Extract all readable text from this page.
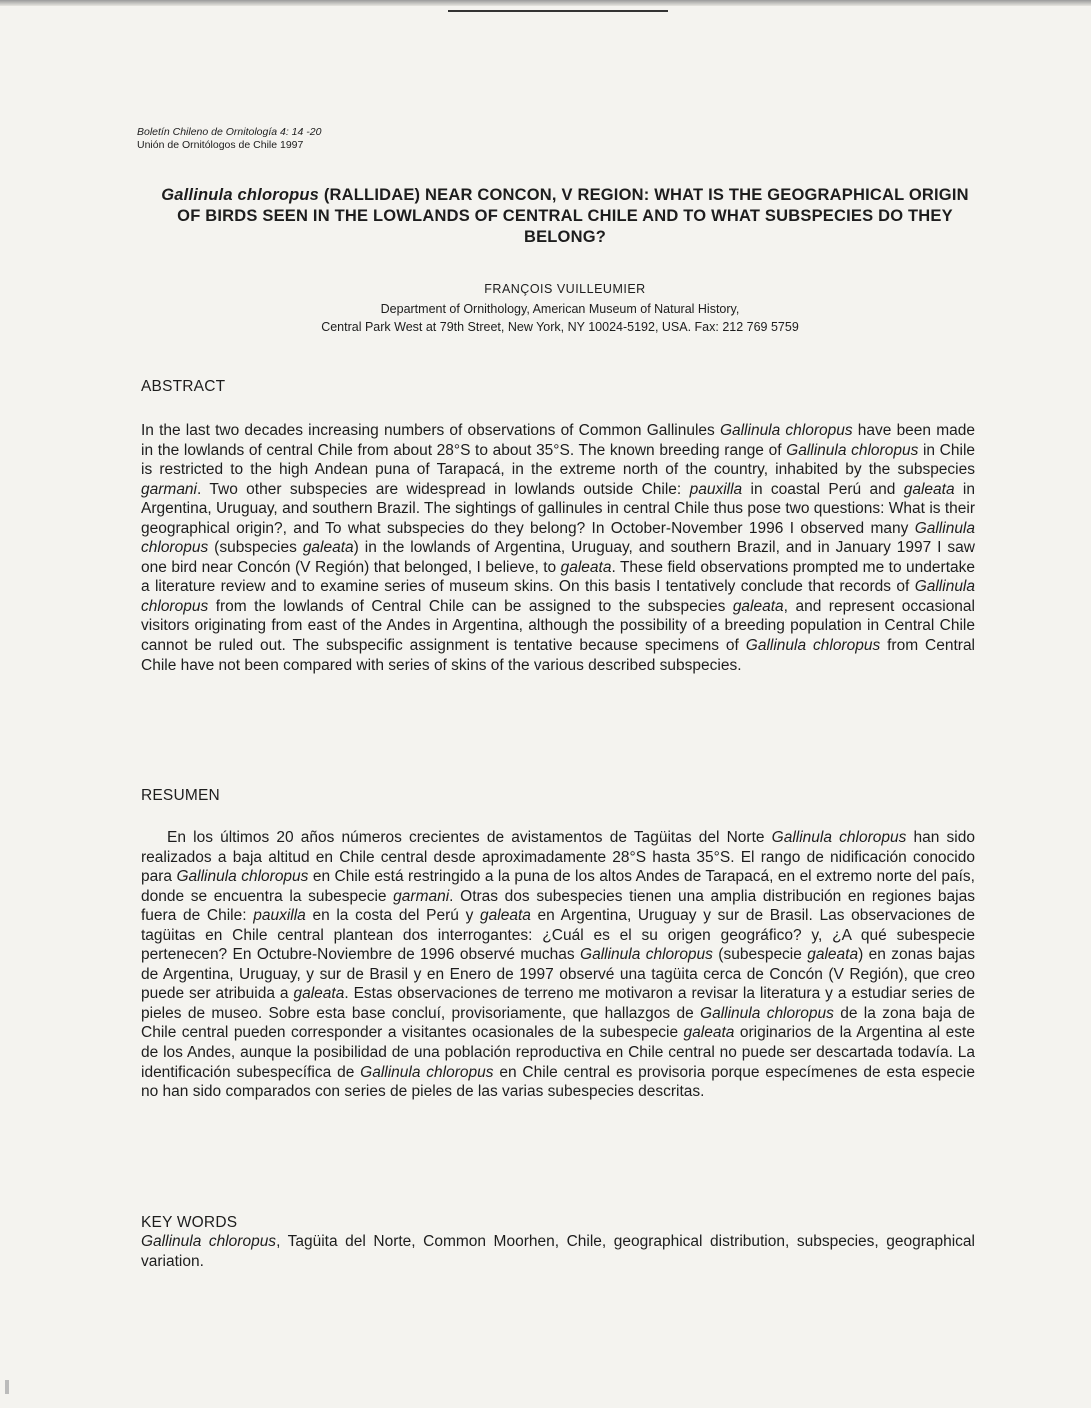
Boletín Chileno de Ornitología 4: 14 -20
Unión de Ornitólogos de Chile 1997
Gallinula chloropus (RALLIDAE) NEAR CONCON, V REGION: WHAT IS THE GEOGRAPHICAL ORIGIN OF BIRDS SEEN IN THE LOWLANDS OF CENTRAL CHILE AND TO WHAT SUBSPECIES DO THEY BELONG?
FRANÇOIS VUILLEUMIER
Department of Ornithology, American Museum of Natural History,
Central Park West at 79th Street, New York, NY 10024-5192, USA. Fax: 212 769 5759
ABSTRACT
In the last two decades increasing numbers of observations of Common Gallinules Gallinula chloropus have been made in the lowlands of central Chile from about 28°S to about 35°S. The known breeding range of Gallinula chloropus in Chile is restricted to the high Andean puna of Tarapacá, in the extreme north of the country, inhabited by the subspecies garmani. Two other subspecies are widespread in lowlands outside Chile: pauxilla in coastal Perú and galeata in Argentina, Uruguay, and southern Brazil. The sightings of gallinules in central Chile thus pose two questions: What is their geographical origin?, and To what subspecies do they belong? In October-November 1996 I observed many Gallinula chloropus (subspecies galeata) in the lowlands of Argentina, Uruguay, and southern Brazil, and in January 1997 I saw one bird near Concón (V Región) that belonged, I believe, to galeata. These field observations prompted me to undertake a literature review and to examine series of museum skins. On this basis I tentatively conclude that records of Gallinula chloropus from the lowlands of Central Chile can be assigned to the subspecies galeata, and represent occasional visitors originating from east of the Andes in Argentina, although the possibility of a breeding population in Central Chile cannot be ruled out. The subspecific assignment is tentative because specimens of Gallinula chloropus from Central Chile have not been compared with series of skins of the various described subspecies.
RESUMEN
En los últimos 20 años números crecientes de avistamentos de Tagüitas del Norte Gallinula chloropus han sido realizados a baja altitud en Chile central desde aproximadamente 28°S hasta 35°S. El rango de nidificación conocido para Gallinula chloropus en Chile está restringido a la puna de los altos Andes de Tarapacá, en el extremo norte del país, donde se encuentra la subespecie garmani. Otras dos subespecies tienen una amplia distribución en regiones bajas fuera de Chile: pauxilla en la costa del Perú y galeata en Argentina, Uruguay y sur de Brasil. Las observaciones de tagüitas en Chile central plantean dos interrogantes: ¿Cuál es el su origen geográfico? y, ¿A qué subespecie pertenecen? En Octubre-Noviembre de 1996 observé muchas Gallinula chloropus (subespecie galeata) en zonas bajas de Argentina, Uruguay, y sur de Brasil y en Enero de 1997 observé una tagüita cerca de Concón (V Región), que creo puede ser atribuida a galeata. Estas observaciones de terreno me motivaron a revisar la literatura y a estudiar series de pieles de museo. Sobre esta base concluí, provisoriamente, que hallazgos de Gallinula chloropus de la zona baja de Chile central pueden corresponder a visitantes ocasionales de la subespecie galeata originarios de la Argentina al este de los Andes, aunque la posibilidad de una población reproductiva en Chile central no puede ser descartada todavía. La identificación subespecífica de Gallinula chloropus en Chile central es provisoria porque especímenes de esta especie no han sido comparados con series de pieles de las varias subespecies descritas.
KEY WORDS
Gallinula chloropus, Tagüita del Norte, Common Moorhen, Chile, geographical distribution, subspecies, geographical variation.
